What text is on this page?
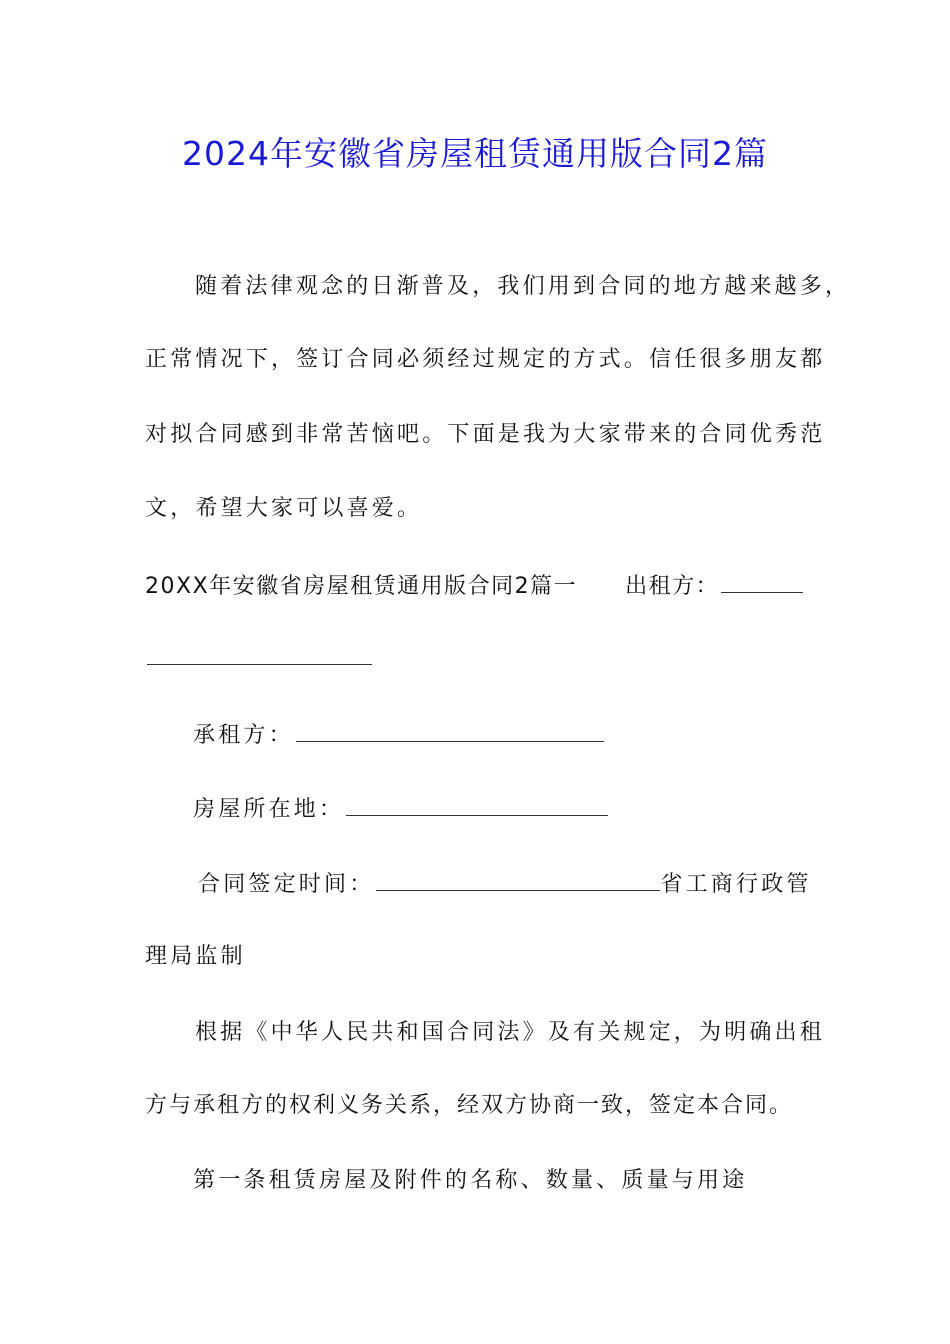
2024年安徽省房屋租赁通用版合同2篇
随着法律观念的日渐普及，我们用到合同的地方越来越多，
正常情况下，签订合同必须经过规定的方式。信任很多朋友都
对拟合同感到非常苦恼吧。下面是我为大家带来的合同优秀范
文，希望大家可以喜爱。
20XX年安徽省房屋租赁通用版合同2篇一 出租方：
承租方：
房屋所在地：
合同签定时间：	省工商行政管
理局监制
根据《中华人民共和国合同法》及有关规定，为明确出租
方与承租方的权利义务关系，经双方协商一致，签定本合同。
第一条租赁房屋及附件的名称、数量、质量与用途
